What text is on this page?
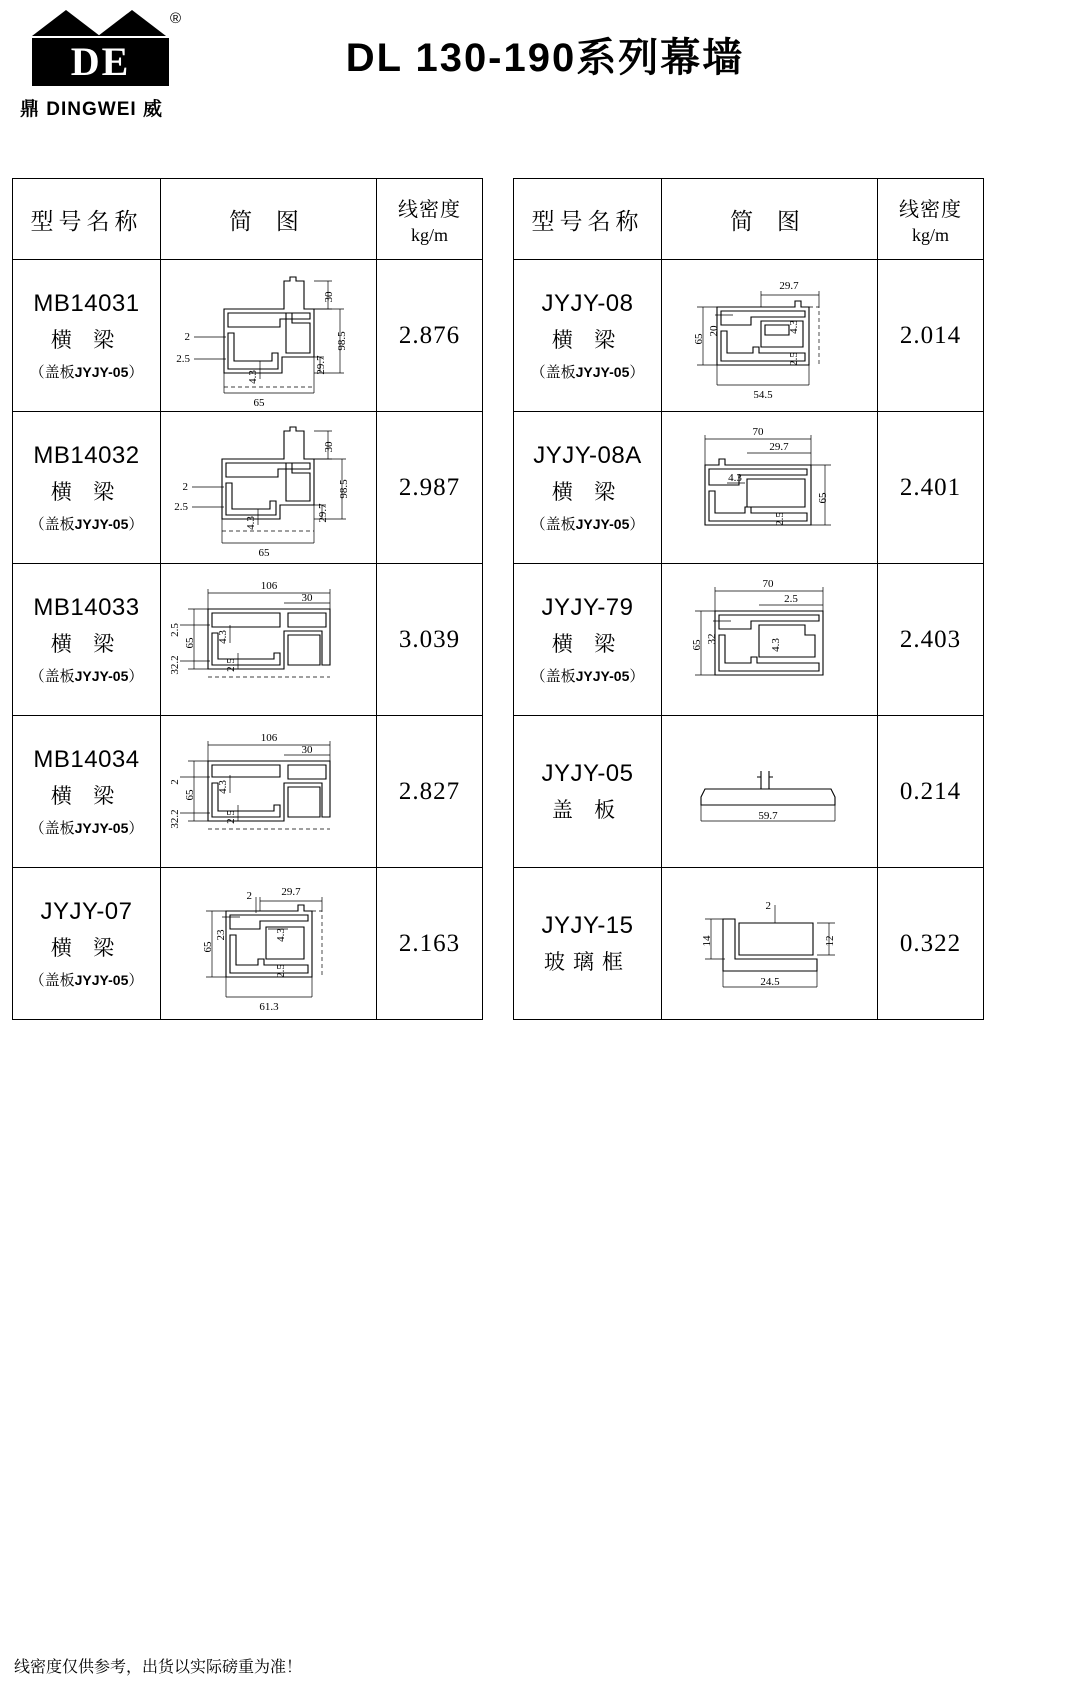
DE
®
鼎 DINGWEI 威
DL 130-190系列幕墙
型号名称	简 图	线密度
kg/m

MB14031
横 梁
（盖板JYJY-05）

65
30
98.5
29.7
2
2.5
4.3
	2.876

MB14032
横 梁
（盖板JYJY-05）

65
30
98.5
29.7
2
2.5
4.3
	2.987

MB14033
横 梁
（盖板JYJY-05）

106
30
65
2.5
32.2
4.3
2.5
	3.039

MB14034
横 梁
（盖板JYJY-05）

106
30
65
2
32.2
4.3
2.5
	2.827

JYJY-07
横 梁
（盖板JYJY-05）

61.3
29.7
2
65
23	4.3
2.5
	2.163
型号名称	简 图	线密度
kg/m

JYJY-08
横 梁
（盖板JYJY-05）

54.5
29.7
65
20	4.3
2.5
	2.014

JYJY-08A
横 梁
（盖板JYJY-05）

70
29.7
65
4.3
2.5
	2.401

JYJY-79
横 梁
（盖板JYJY-05）

70
2.5
65
32	4.3	2.403

JYJY-05
盖 板	59.7	0.214

JYJY-15
玻璃框

24.5
14	12
2
	0.322
线密度仅供参考，出货以实际磅重为准！
